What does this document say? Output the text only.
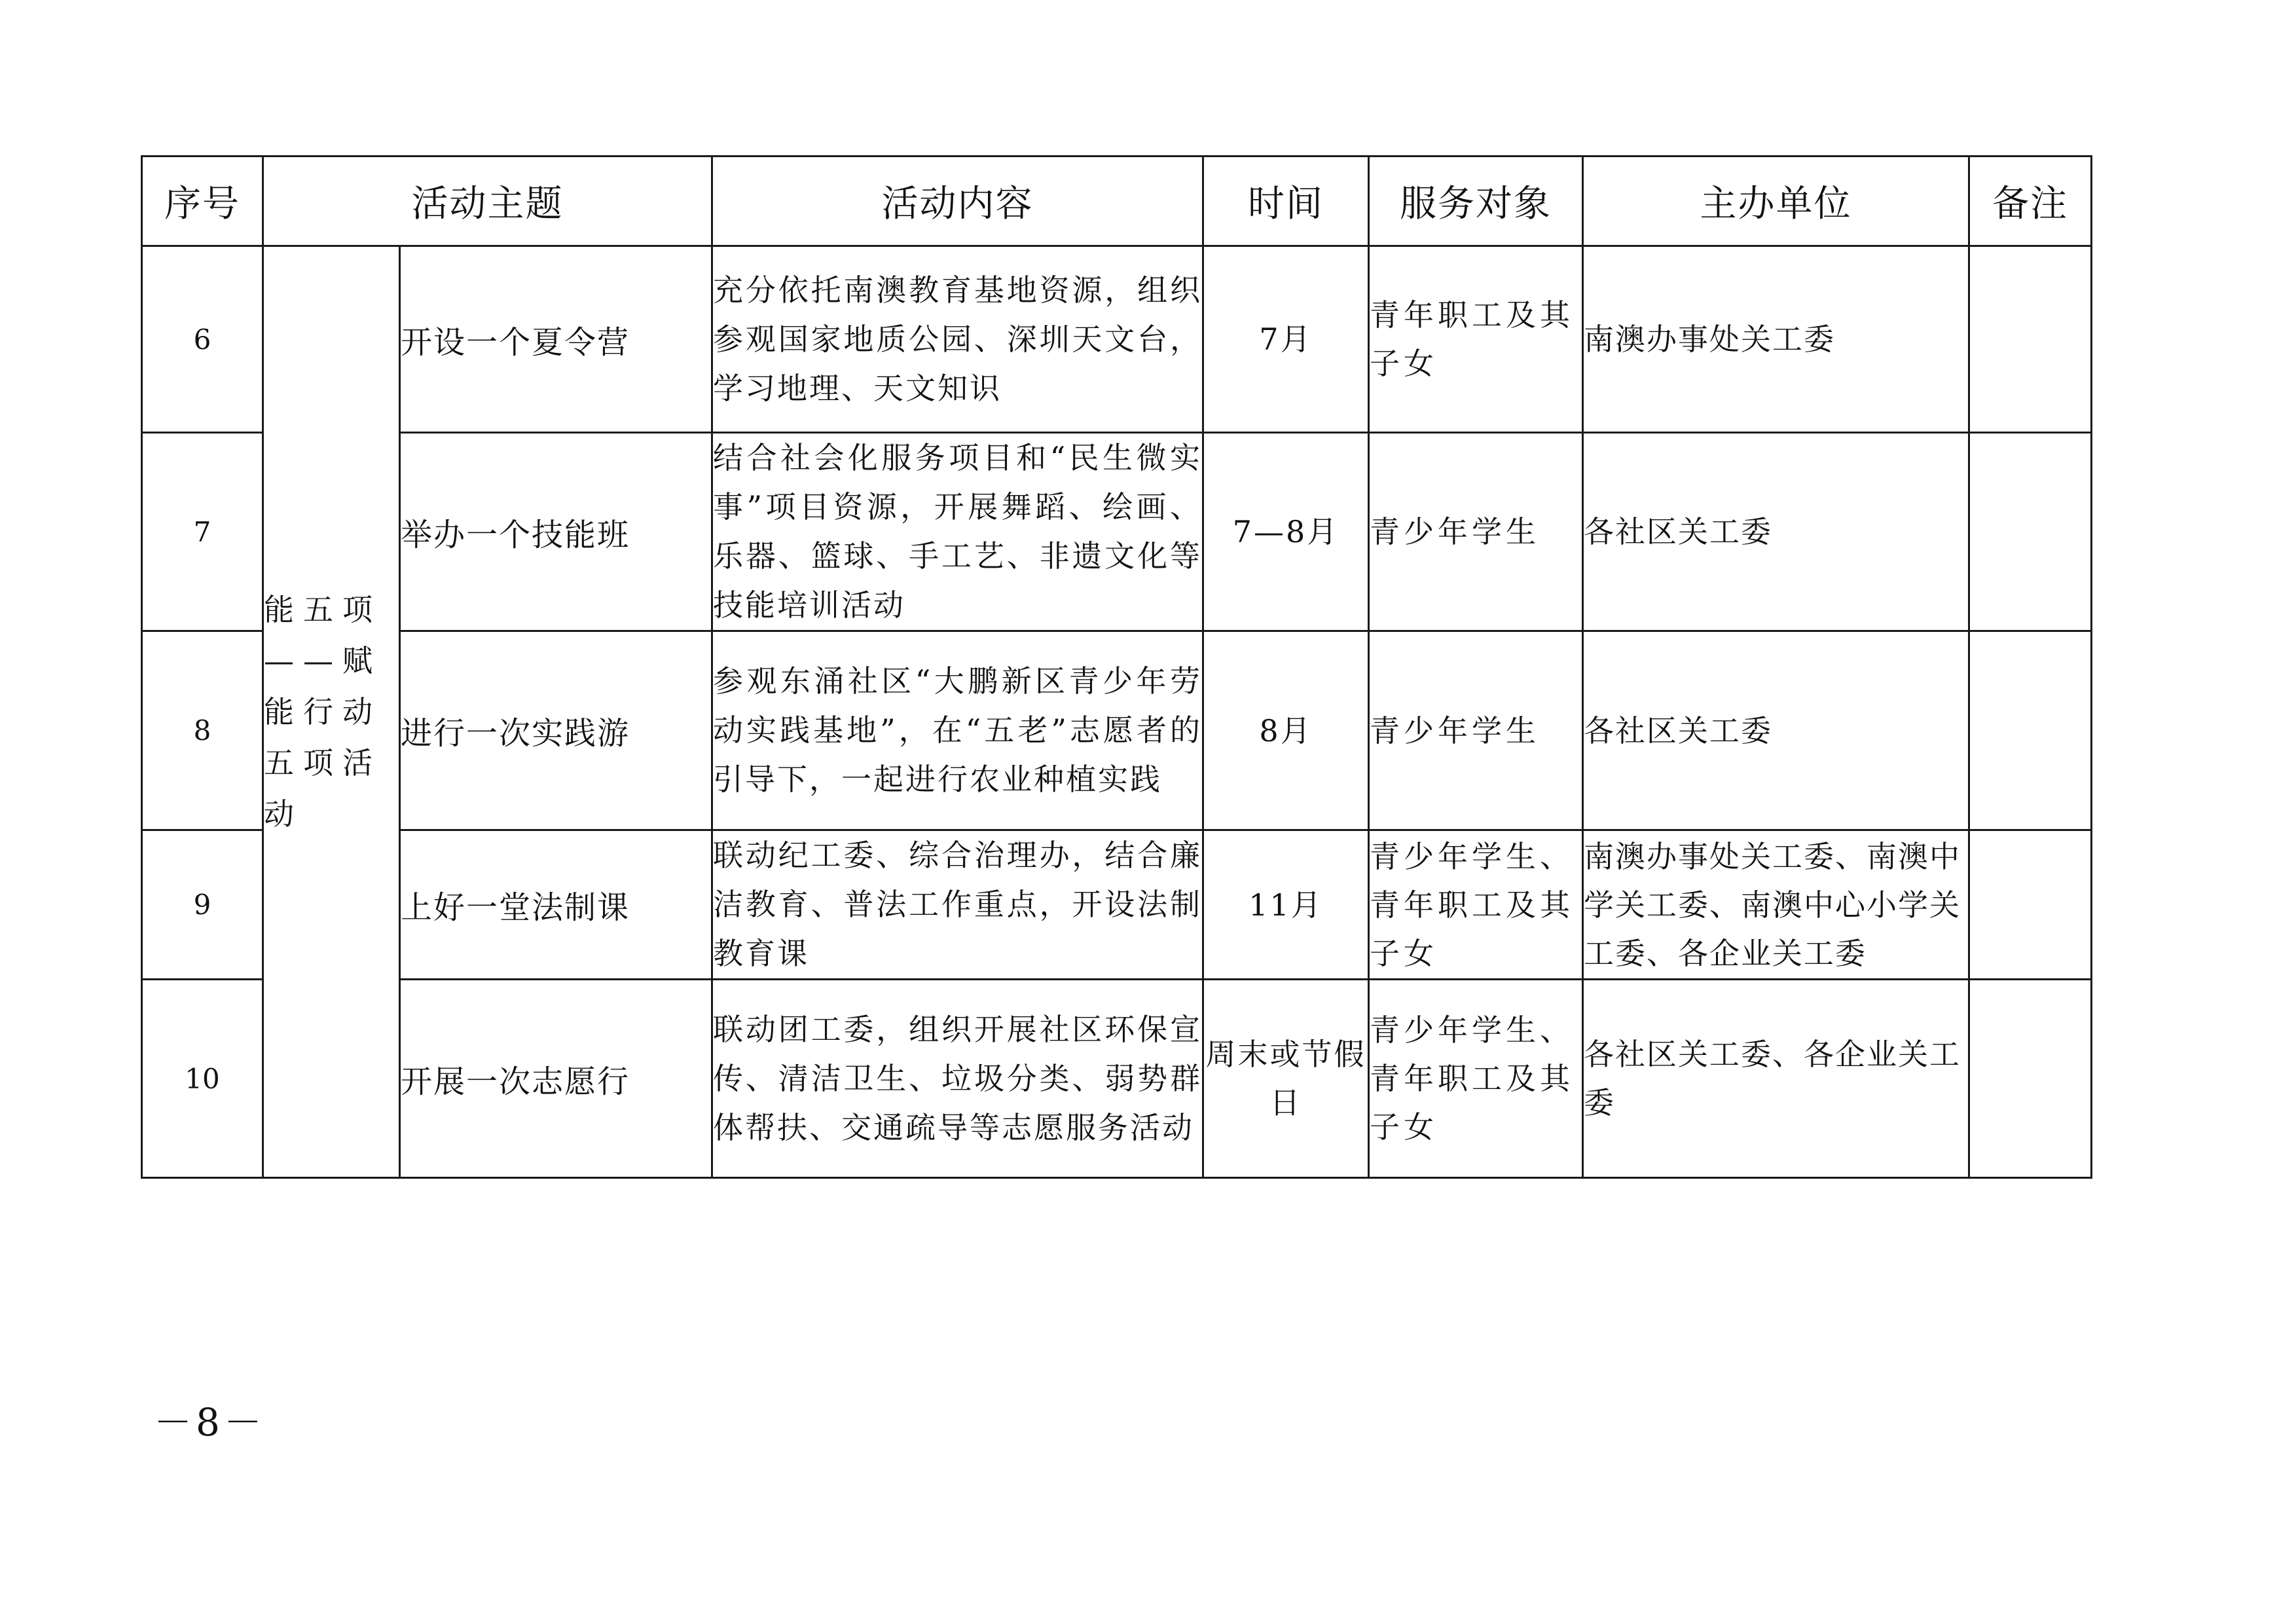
序号	活动主题		活动内容	时间	服务对象	主办单位	备注
6	能五项——赋能行动五项活动	开设一个夏令营	充分依托南澳教育基地资源，组织参观国家地质公园、深圳天文台，学习地理、天文知识	7月	青年职工及其子女	南澳办事处关工委	
7		举办一个技能班	结合社会化服务项目和“民生微实事”项目资源，开展舞蹈、绘画、乐器、篮球、手工艺、非遗文化等技能培训活动	7—8月	青少年学生	各社区关工委	
8		进行一次实践游	参观东涌社区“大鹏新区青少年劳动实践基地”，在“五老”志愿者的引导下，一起进行农业种植实践	8月	青少年学生	各社区关工委	
9		上好一堂法制课	联动纪工委、综合治理办，结合廉洁教育、普法工作重点，开设法制教育课	11月	青少年学生、青年职工及其子女	南澳办事处关工委、南澳中学关工委、南澳中心小学关工委、各企业关工委	
10		开展一次志愿行	联动团工委，组织开展社区环保宣传、清洁卫生、垃圾分类、弱势群体帮扶、交通疏导等志愿服务活动	周末或节假日	青少年学生、青年职工及其子女	各社区关工委、各企业关工委	
－8－
